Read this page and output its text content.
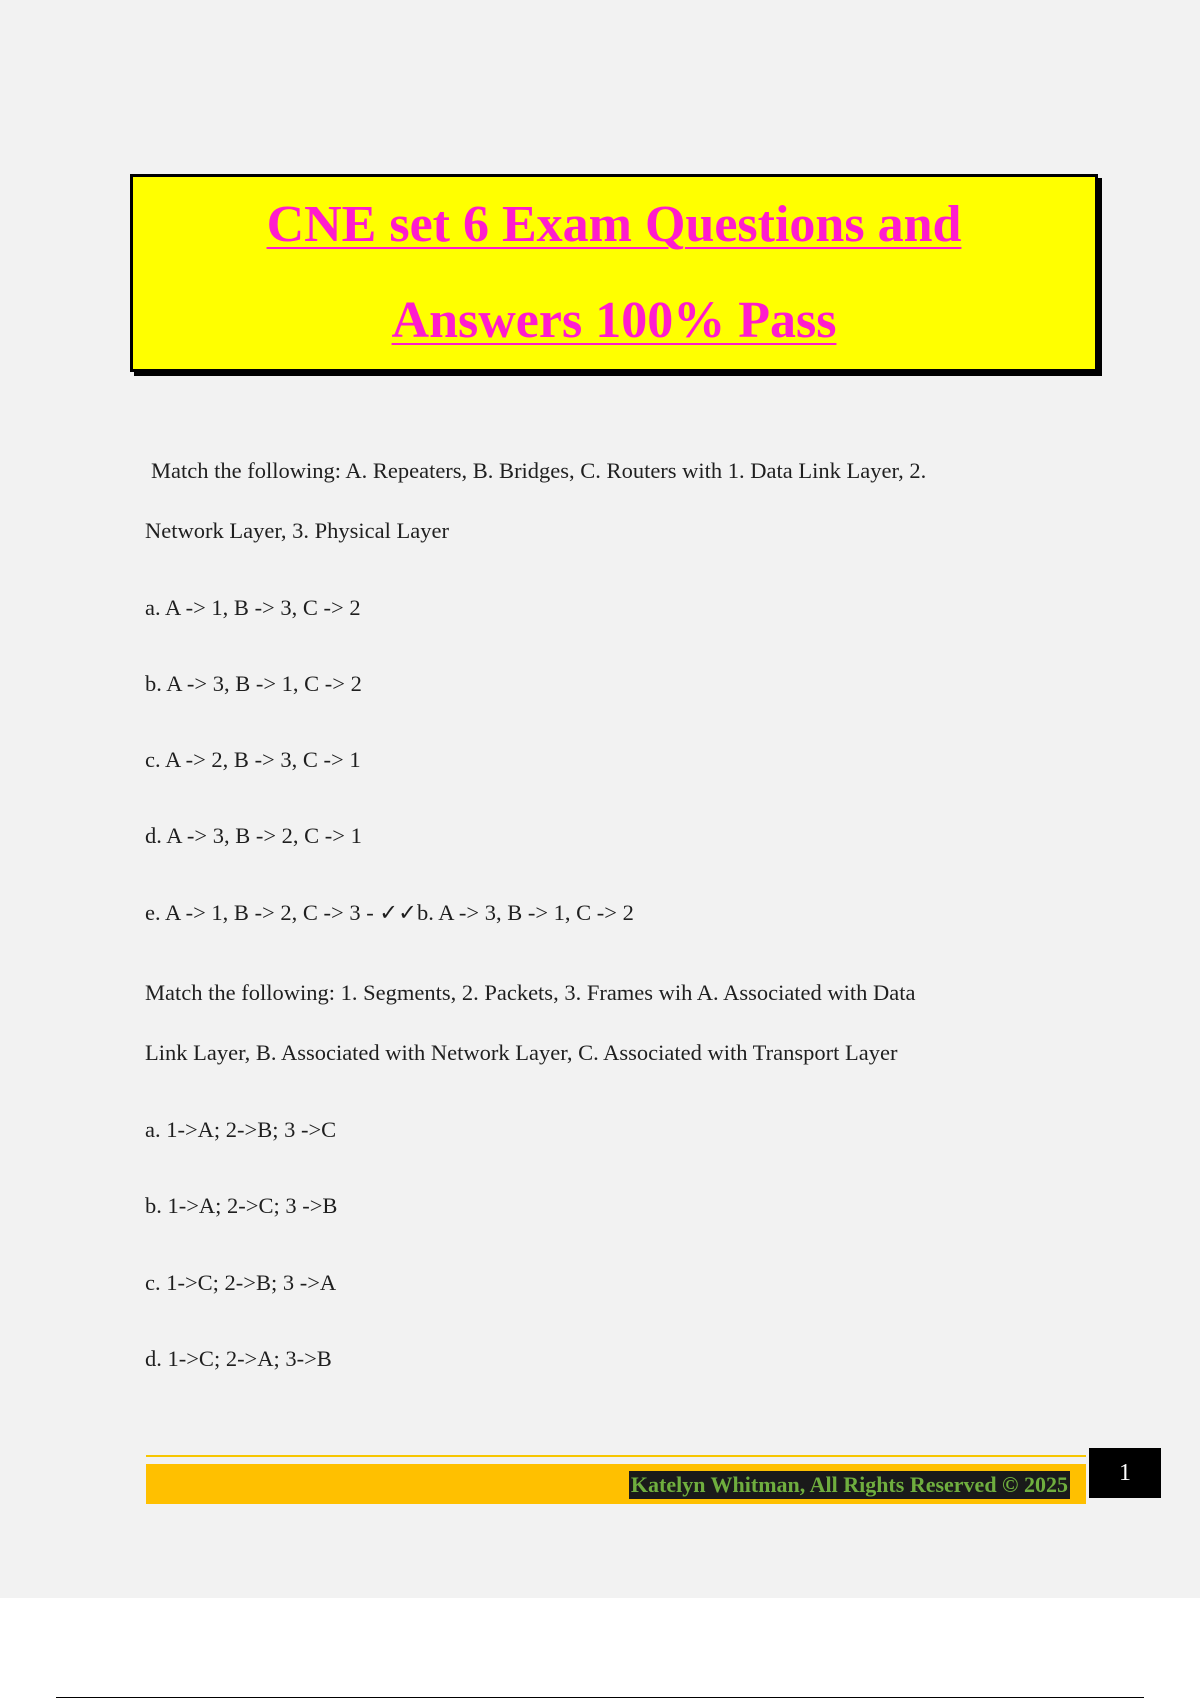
CNE set 6 Exam Questions and
Answers 100% Pass
Match the following: A. Repeaters, B. Bridges, C. Routers with 1. Data Link Layer, 2.
Network Layer, 3. Physical Layer
a. A -> 1, B -> 3, C -> 2
b. A -> 3, B -> 1, C -> 2
c. A -> 2, B -> 3, C -> 1
d. A -> 3, B -> 2, C -> 1
e. A -> 1, B -> 2, C -> 3 - ✓✓b. A -> 3, B -> 1, C -> 2
Match the following: 1. Segments, 2. Packets, 3. Frames wih A. Associated with Data
Link Layer, B. Associated with Network Layer, C. Associated with Transport Layer
a. 1->A; 2->B; 3 ->C
b. 1->A; 2->C; 3 ->B
c. 1->C; 2->B; 3 ->A
d. 1->C; 2->A; 3->B
Katelyn Whitman, All Rights Reserved © 2025	1
